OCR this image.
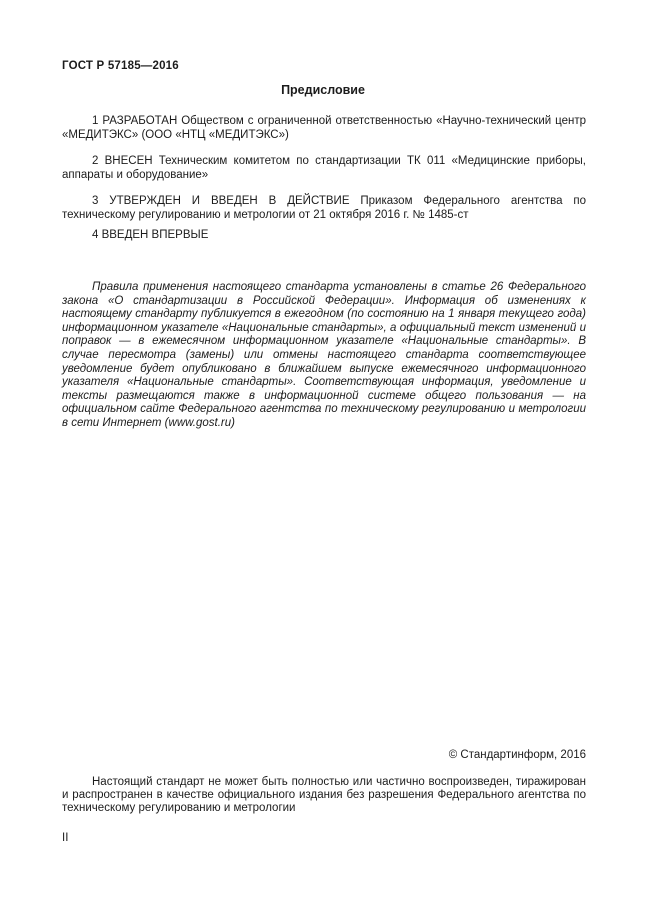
ГОСТ Р 57185—2016
Предисловие

1 РАЗРАБОТАН Обществом с ограниченной ответственностью «Научно-технический центр «МЕДИТЭКС» (ООО «НТЦ «МЕДИТЭКС»)

2 ВНЕСЕН Техническим комитетом по стандартизации ТК 011 «Медицинские приборы, аппараты и оборудование»

3 УТВЕРЖДЕН И ВВЕДЕН В ДЕЙСТВИЕ Приказом Федерального агентства по техническому регулированию и метрологии от 21 октября 2016 г. № 1485-ст

4 ВВЕДЕН ВПЕРВЫЕ

Правила применения настоящего стандарта установлены в статье 26 Федерального закона «О стандартизации в Российской Федерации». Информация об изменениях к настоящему стандарту публикуется в ежегодном (по состоянию на 1 января текущего года) информационном указателе «Национальные стандарты», а официальный текст изменений и поправок — в ежемесячном информационном указателе «Национальные стандарты». В случае пересмотра (замены) или отмены настоящего стандарта соответствующее уведомление будет опубликовано в ближайшем выпуске ежемесячного информационного указателя «Национальные стандарты». Соответствующая информация, уведомление и тексты размещаются также в информационной системе общего пользования — на официальном сайте Федерального агентства по техническому регулированию и метрологии в сети Интернет (www.gost.ru)

© Стандартинформ, 2016

Настоящий стандарт не может быть полностью или частично воспроизведен, тиражирован и распространен в качестве официального издания без разрешения Федерального агентства по техническому регулированию и метрологии

II
